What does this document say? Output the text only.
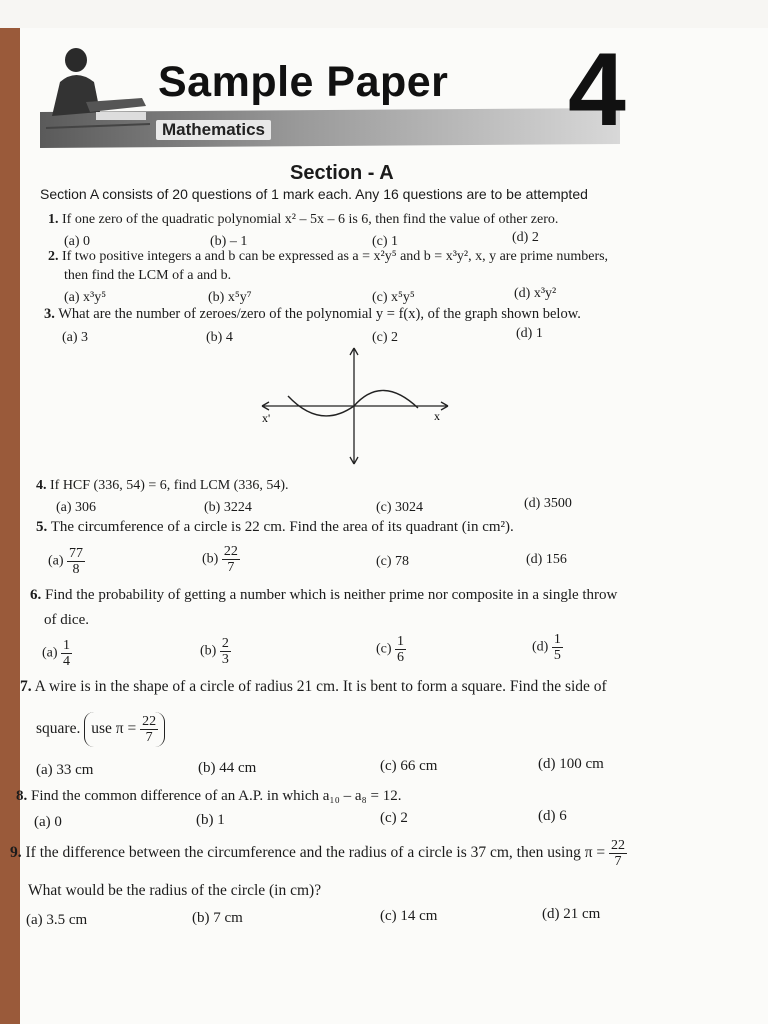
Sample Paper
Mathematics	4
Section - A
Section A consists of 20 questions of 1 mark each. Any 16 questions are to be attempted
1. If one zero of the quadratic polynomial x² – 5x – 6 is 6, then find the value of other zero.
(a) 0	(b) – 1	(c) 1	(d) 2
2. If two positive integers a and b can be expressed as a = x²y⁵ and b = x³y², x, y are prime numbers,
then find the LCM of a and b.
(a) x³y⁵	(b) x⁵y⁷	(c) x⁵y⁵	(d) x³y²
3. What are the number of zeroes/zero of the polynomial y = f(x), of the graph shown below.
(a) 3	(b) 4	(c) 2	(d) 1
x'	x
4. If HCF (336, 54) = 6, find LCM (336, 54).
(a) 306	(b) 3224	(c) 3024	(d) 3500
5. The circumference of a circle is 22 cm. Find the area of its quadrant (in cm²).
$(a) \frac{77}{8}$	$(b) \frac{22}{7}$	(c) 78	(d) 156
6. Find the probability of getting a number which is neither prime nor composite in a single throw
of dice.
$(a) \frac{1}{4}$	$(b) \frac{2}{3}$	$(c) \frac{1}{6}$	$(d) \frac{1}{5}$
7. A wire is in the shape of a circle of radius 21 cm. It is bent to form a square. Find the side of
square. use $\pi = \frac{22}{7}$
(a) 33 cm	(b) 44 cm	(c) 66 cm	(d) 100 cm
8. Find the common difference of an A.P. in which a₁₀ – a₈ = 12.
(a) 0	(b) 1	(c) 2	(d) 6
9. If the difference between the circumference and the radius of a circle is 37 cm, then using $\pi = \frac{22}{7}$
What would be the radius of the circle (in cm)?
(a) 3.5 cm	(b) 7 cm	(c) 14 cm	(d) 21 cm
